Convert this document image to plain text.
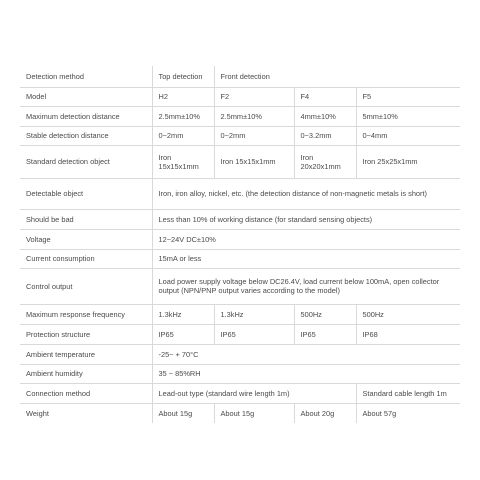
Detection method	Top detection	Front detection		
Model	H2	F2	F4	F5
Maximum detection distance	2.5mm±10%	2.5mm±10%	4mm±10%	5mm±10%
Stable detection distance	0~2mm	0~2mm	0~3.2mm	0~4mm
Standard detection object	Iron 15x15x1mm	Iron 15x15x1mm	Iron 20x20x1mm	Iron 25x25x1mm
Detectable object	Iron, iron alloy, nickel, etc. (the detection distance of non-magnetic metals is short)			
Should be bad	Less than 10% of working distance (for standard sensing objects)			
Voltage	12~24V DC±10%			
Current consumption	15mA or less			
Control output	Load power supply voltage below DC26.4V, load current below 100mA, open collector output (NPN/PNP output varies according to the model)			
Maximum response frequency	1.3kHz	1.3kHz	500Hz	500Hz
Protection structure	IP65	IP65	IP65	IP68
Ambient temperature	-25~ + 70°C			
Ambient humidity	35 ~ 85%RH			
Connection method	Lead-out type (standard wire length 1m)			Standard cable length 1m
Weight	About 15g	About 15g	About 20g	About 57g
